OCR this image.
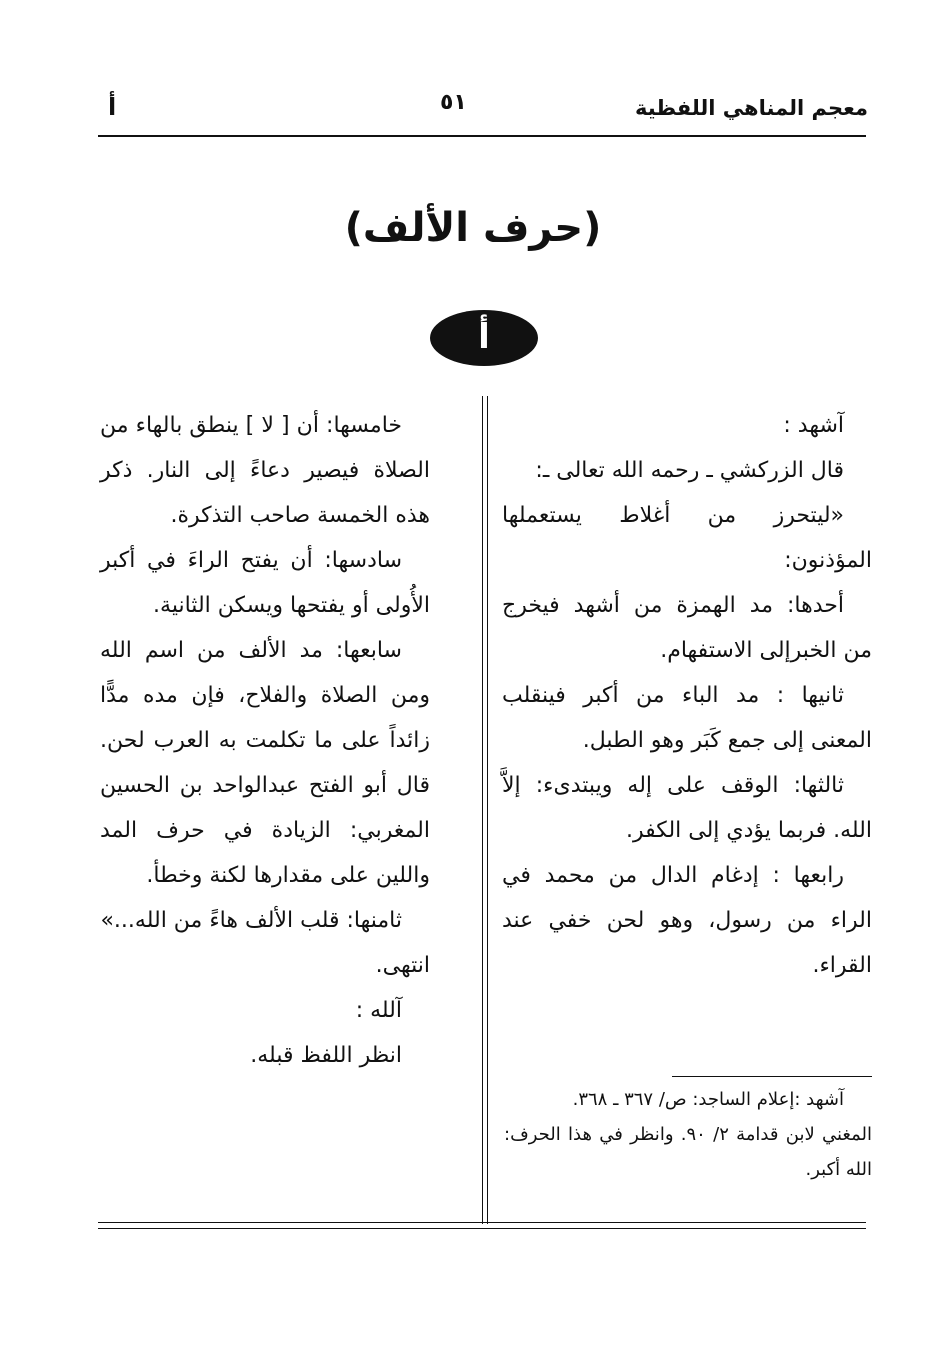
معجم المناهي اللفظية
٥١
أ
(حرف الألف)
أ

آشهد :

قال الزركشي ـ رحمه الله تعالى ـ:

«ليتحرز من أغلاط يستعملها المؤذنون:

أحدها: مد الهمزة من أشهد فيخرج من الخبرإلى الاستفهام.

ثانيها : مد الباء من أكبر فينقلب المعنى إلى جمع كَبَر وهو الطبل.

ثالثها: الوقف على إله ويبتدىء: إلاَّ الله. فربما يؤدي إلى الكفر.

رابعها : إدغام الدال من محمد في الراء من رسول، وهو لحن خفي عند القراء.

آشهد :إعلام الساجد: ص/ ٣٦٧ ـ ٣٦٨.
المغني لابن قدامة ٢/ ٩٠. وانظر في هذا الحرف: الله أكبر.

خامسها: أن [ لا ] ينطق بالهاء من الصلاة فيصير دعاءً إلى النار. ذكر هذه الخمسة صاحب التذكرة.

سادسها: أن يفتح الراءَ في أكبر الأُولى أو يفتحها ويسكن الثانية.

سابعها: مد الألف من اسم الله ومن الصلاة والفلاح، فإن مده مدًّا زائداً على ما تكلمت به العرب لحن. قال أبو الفتح عبدالواحد بن الحسين المغربي: الزيادة في حرف المد واللين على مقدارها لكنة وخطأ.

ثامنها: قلب الألف هاءً من الله...»

انتهى.

آلله :

انظر اللفظ قبله.
